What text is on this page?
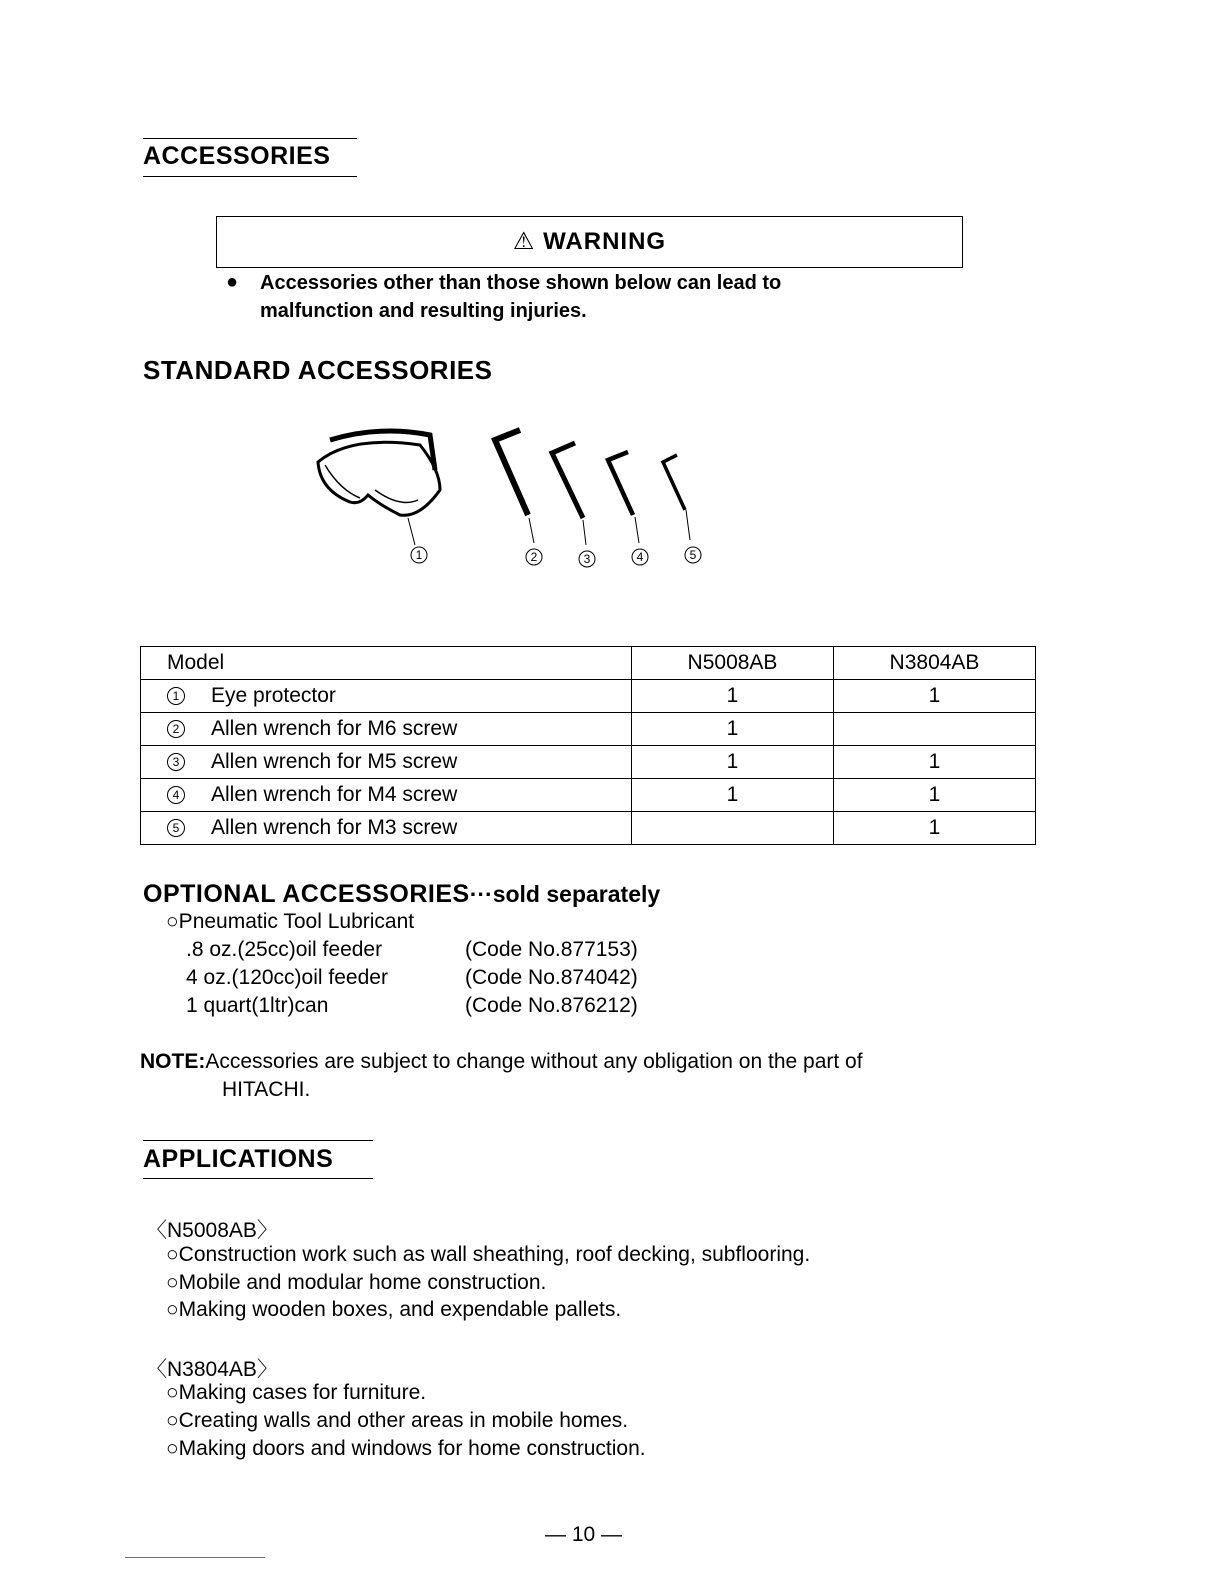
ACCESSORIES
⚠ WARNING
● Accessories other than those shown below can lead to
malfunction and resulting injuries.
STANDARD ACCESSORIES
1	2	3	4	5
Model	N5008AB	N3804AB
1 Eye protector	1	1
2 Allen wrench for M6 screw	1	
3 Allen wrench for M5 screw	1	1
4 Allen wrench for M4 screw	1	1
5 Allen wrench for M3 screw		1
OPTIONAL ACCESSORIES···sold separately
○Pneumatic Tool Lubricant
.8 oz.(25cc)oil feeder	(Code No.877153)
4 oz.(120cc)oil feeder	(Code No.874042)
1 quart(1ltr)can	(Code No.876212)
NOTE:Accessories are subject to change without any obligation on the part of
HITACHI.
APPLICATIONS
〈N5008AB〉
○Construction work such as wall sheathing, roof decking, subflooring.
○Mobile and modular home construction.
○Making wooden boxes, and expendable pallets.
〈N3804AB〉
○Making cases for furniture.
○Creating walls and other areas in mobile homes.
○Making doors and windows for home construction.
— 10 —
